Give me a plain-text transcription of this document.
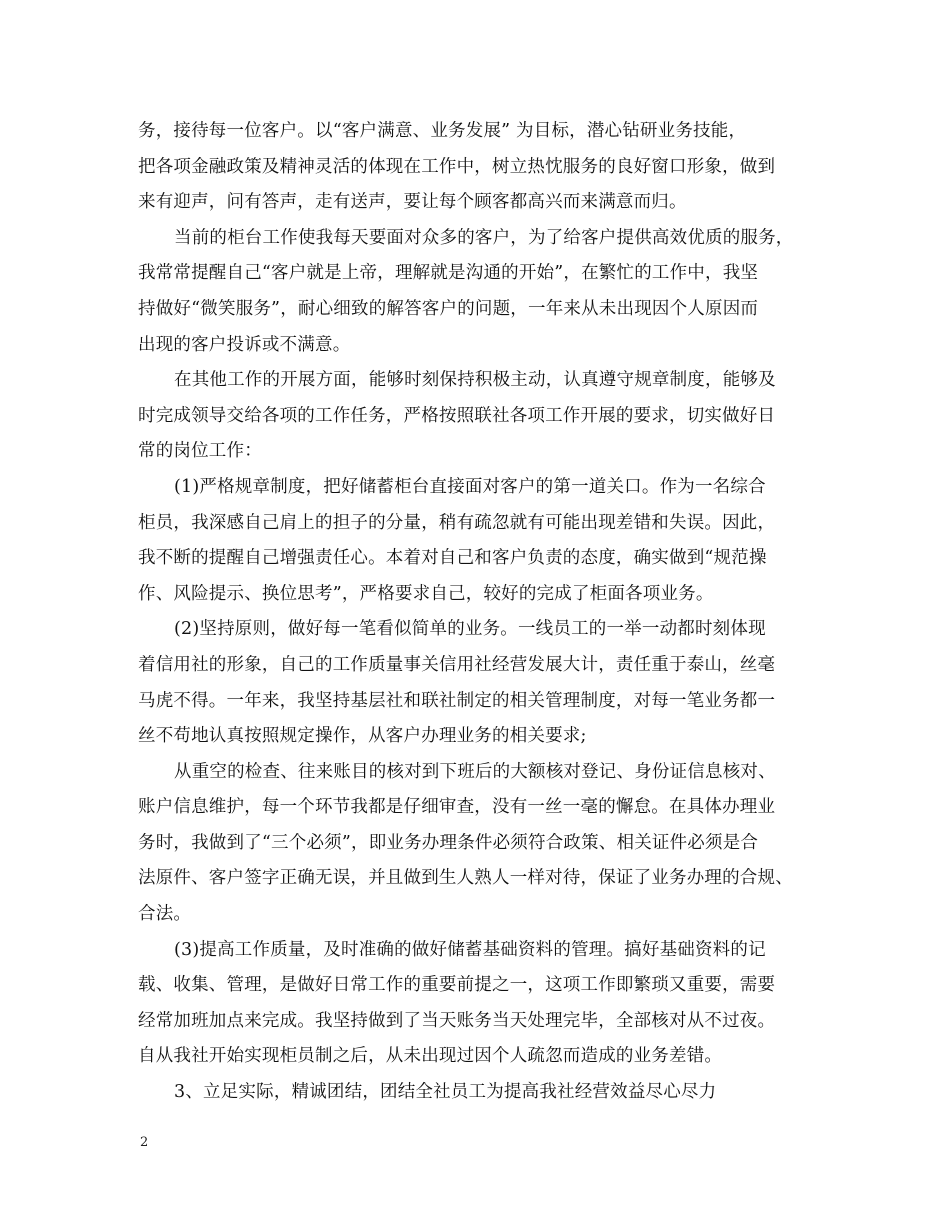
务，接待每一位客户。以“客户满意、业务发展” 为目标，潜心钻研业务技能，
把各项金融政策及精神灵活的体现在工作中，树立热忱服务的良好窗口形象，做到
来有迎声，问有答声，走有送声，要让每个顾客都高兴而来满意而归。
当前的柜台工作使我每天要面对众多的客户，为了给客户提供高效优质的服务，
我常常提醒自己“客户就是上帝，理解就是沟通的开始”，在繁忙的工作中，我坚
持做好“微笑服务”，耐心细致的解答客户的问题，一年来从未出现因个人原因而
出现的客户投诉或不满意。
在其他工作的开展方面，能够时刻保持积极主动，认真遵守规章制度，能够及
时完成领导交给各项的工作任务，严格按照联社各项工作开展的要求，切实做好日
常的岗位工作：
(1)严格规章制度，把好储蓄柜台直接面对客户的第一道关口。作为一名综合
柜员，我深感自己肩上的担子的分量，稍有疏忽就有可能出现差错和失误。因此，
我不断的提醒自己增强责任心。本着对自己和客户负责的态度，确实做到“规范操
作、风险提示、换位思考”，严格要求自己，较好的完成了柜面各项业务。
(2)坚持原则，做好每一笔看似简单的业务。一线员工的一举一动都时刻体现
着信用社的形象，自己的工作质量事关信用社经营发展大计，责任重于泰山，丝毫
马虎不得。一年来，我坚持基层社和联社制定的相关管理制度，对每一笔业务都一
丝不苟地认真按照规定操作，从客户办理业务的相关要求;
从重空的检查、往来账目的核对到下班后的大额核对登记、身份证信息核对、
账户信息维护，每一个环节我都是仔细审查，没有一丝一毫的懈怠。在具体办理业
务时，我做到了“三个必须”，即业务办理条件必须符合政策、相关证件必须是合
法原件、客户签字正确无误，并且做到生人熟人一样对待，保证了业务办理的合规、
合法。
(3)提高工作质量，及时准确的做好储蓄基础资料的管理。搞好基础资料的记
载、收集、管理，是做好日常工作的重要前提之一，这项工作即繁琐又重要，需要
经常加班加点来完成。我坚持做到了当天账务当天处理完毕，全部核对从不过夜。
自从我社开始实现柜员制之后，从未出现过因个人疏忽而造成的业务差错。
3、立足实际，精诚团结，团结全社员工为提高我社经营效益尽心尽力
2
